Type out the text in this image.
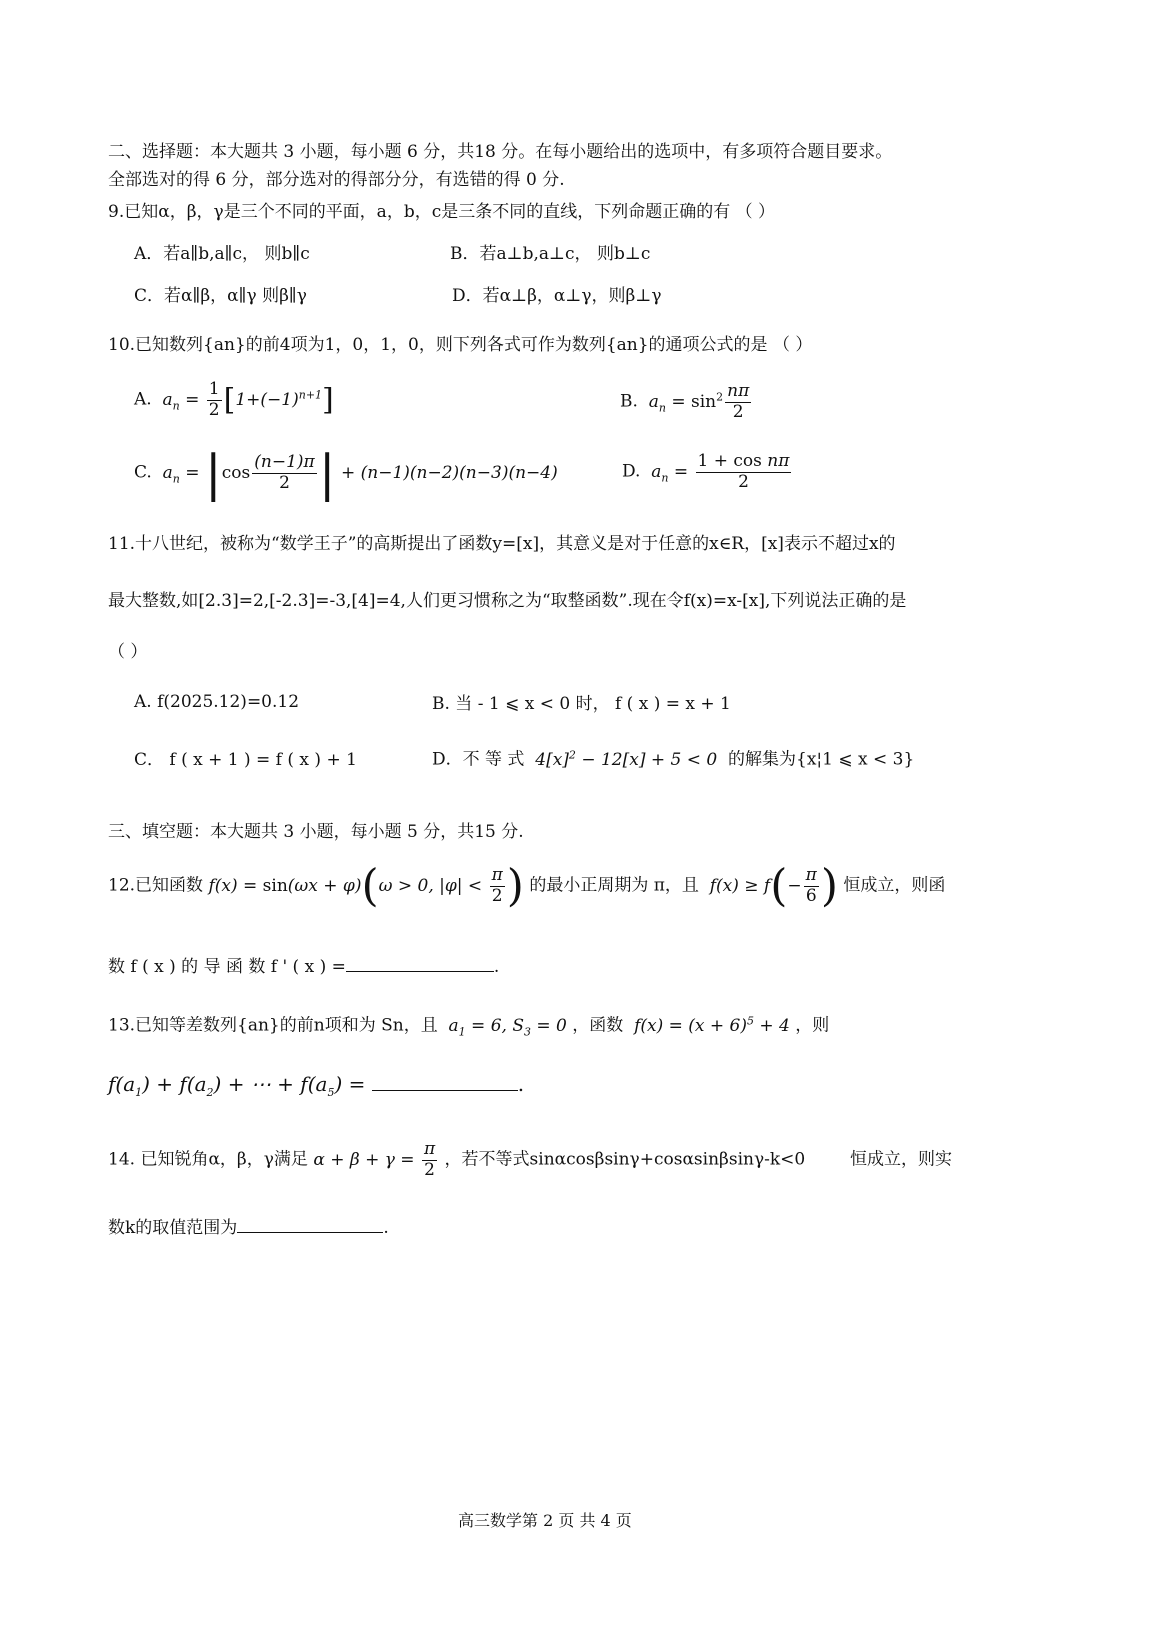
二、选择题：本大题共 3 小题，每小题 6 分，共18 分。在每小题给出的选项中，有多项符合题目要求。
全部选对的得 6 分，部分选对的得部分分，有选错的得 0 分.
9.已知α，β，γ是三个不同的平面，a，b，c是三条不同的直线，下列命题正确的有 （ ）
A．若a∥b,a∥c， 则b∥c	B．若a⊥b,a⊥c， 则b⊥c
C．若α∥β，α∥γ 则β∥γ	D．若α⊥β，α⊥γ，则β⊥γ
10.已知数列{an}的前4项为1，0，1，0，则下列各式可作为数列{an}的通项公式的是 （ ）
A.  $a_n = \frac{1}{2} [1+(-1)^{n+1}]$	B.  $a_n = \sin^2 \frac{n\pi}{2}$
C.  $a_n = |\cos \frac{(n-1)\pi}{2}$ | + (n−1)(n−2)(n−3)(n−4)	D.  $a_n = \frac{\text{1 + cos nπ}}{2}$
11.十八世纪，被称为“数学王子”的高斯提出了函数y=[x]，其意义是对于任意的x∈R，[x]表示不超过x的
最大整数,如[2.3]=2,[-2.3]=-3,[4]=4,人们更习惯称之为“取整函数”.现在令f(x)=x-[x],下列说法正确的是
（ ）
A. f(2025.12)=0.12	B. 当 - 1 ⩽ x < 0 时， f ( x ) = x + 1
C． f ( x + 1 ) = f ( x ) + 1	D．不 等 式  $4[x]^2 - 12[x] + 5 < 0$  的解集为{x¦1 ⩽ x < 3}
三、填空题：本大题共 3 小题，每小题 5 分，共15 分.
12.已知函数 f(x) = sin(ωx + φ)(ω > 0, $|\varphi| < \frac{\pi}{2}$ ) 的最小正周期为 π，且  $f(x) \ge f(- \frac{\pi}{6}$ ) 恒成立，则函
数 f ( x ) 的 导 函 数 f ' ( x ) =	.
13.已知等差数列{an}的前n项和为 Sn，且  $a_1 = 6$, $S_3 = 0$ ，函数  $f(x) = (x + 6)^5 + 4$ ，则
$f(a_1) + f(a_2)$ + ⋯ + $f(a_5)$ =	.
14. 已知锐角α，β，γ满足 $\alpha + \beta + \gamma = \frac{\pi}{2}$ ，若不等式sinαcosβsinγ+cosαsinβsinγ-k<0	恒成立，则实
数k的取值范围为	.
高三数学第 2 页 共 4 页
